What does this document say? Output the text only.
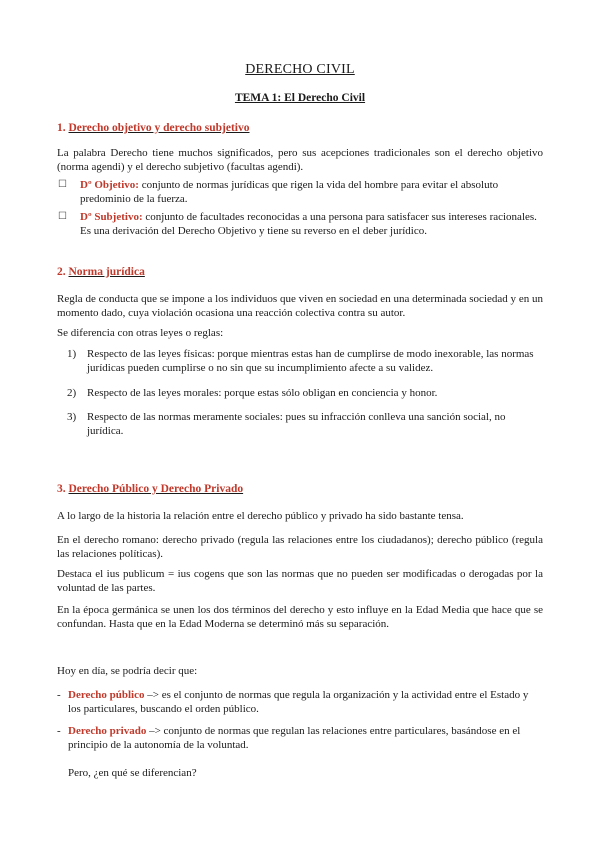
DERECHO CIVIL
TEMA 1: El Derecho Civil
1. Derecho objetivo y derecho subjetivo

La palabra Derecho tiene muchos significados, pero sus acepciones tradicionales son el derecho objetivo (norma agendi) y el derecho subjetivo (facultas agendi).

☐ Dº Objetivo: conjunto de normas jurídicas que rigen la vida del hombre para evitar el absoluto predominio de la fuerza.
☐ Dº Subjetivo: conjunto de facultades reconocidas a una persona para satisfacer sus intereses racionales. Es una derivación del Derecho Objetivo y tiene su reverso en el deber jurídico.
2. Norma jurídica

Regla de conducta que se impone a los individuos que viven en sociedad en una determinada sociedad y en un momento dado, cuya violación ocasiona una reacción colectiva contra su autor.

Se diferencia con otras leyes o reglas:

1) Respecto de las leyes físicas: porque mientras estas han de cumplirse de modo inexorable, las normas jurídicas pueden cumplirse o no sin que su incumplimiento afecte a su validez.
2) Respecto de las leyes morales: porque estas sólo obligan en conciencia y honor.
3) Respecto de las normas meramente sociales: pues su infracción conlleva una sanción social, no jurídica.
3. Derecho Público y Derecho Privado

A lo largo de la historia la relación entre el derecho público y privado ha sido bastante tensa.

En el derecho romano: derecho privado (regula las relaciones entre los ciudadanos); derecho público (regula las relaciones políticas).

Destaca el ius publicum = ius cogens que son las normas que no pueden ser modificadas o derogadas por la voluntad de las partes.

En la época germánica se unen los dos términos del derecho y esto influye en la Edad Media que hace que se confundan. Hasta que en la Edad Moderna se determinó más su separación.

Hoy en día, se podría decir que:

- Derecho público –> es el conjunto de normas que regula la organización y la actividad entre el Estado y los particulares, buscando el orden público.
- Derecho privado –> conjunto de normas que regulan las relaciones entre particulares, basándose en el principio de la autonomía de la voluntad.

Pero, ¿en qué se diferencian?
